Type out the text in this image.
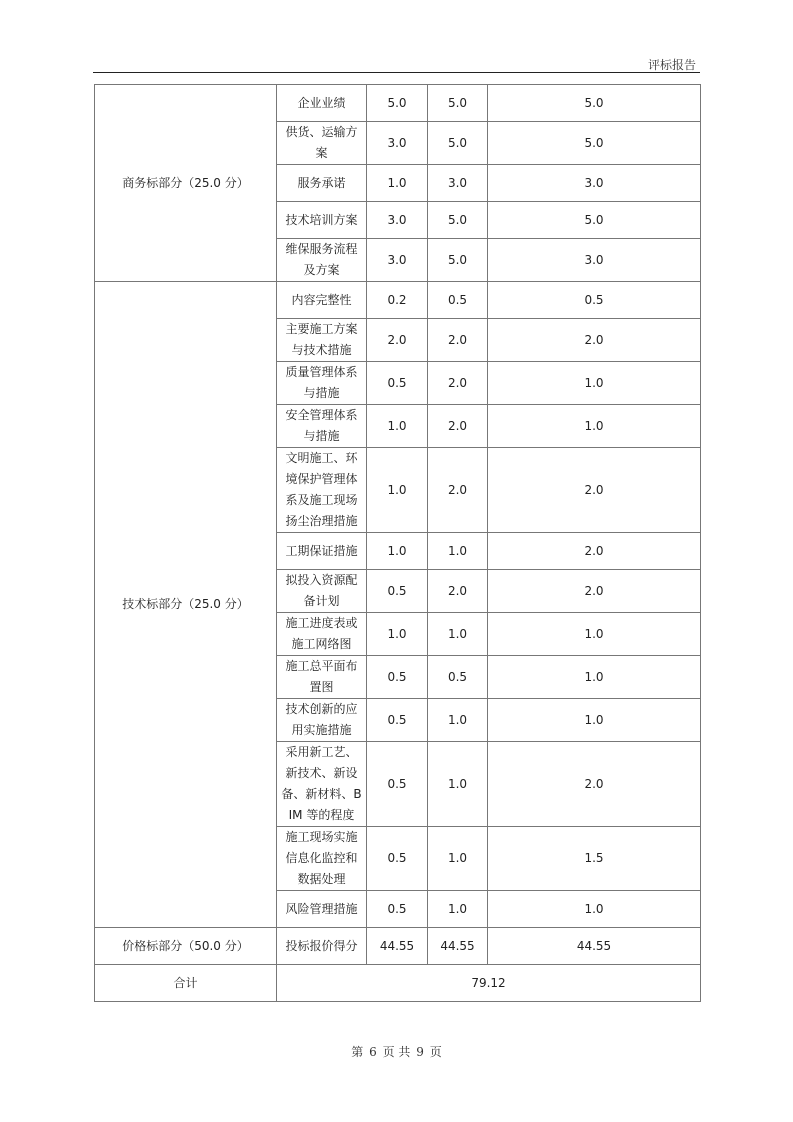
评标报告
商务标部分（25.0 分）	企业业绩	5.0	5.0	5.0
	供货、运输方案	3.0	5.0	5.0
	服务承诺	1.0	3.0	3.0
	技术培训方案	3.0	5.0	5.0
	维保服务流程及方案	3.0	5.0	3.0
技术标部分（25.0 分）	内容完整性	0.2	0.5	0.5
	主要施工方案与技术措施	2.0	2.0	2.0
	质量管理体系与措施	0.5	2.0	1.0
	安全管理体系与措施	1.0	2.0	1.0
	文明施工、环境保护管理体系及施工现场扬尘治理措施	1.0	2.0	2.0
	工期保证措施	1.0	1.0	2.0
	拟投入资源配备计划	0.5	2.0	2.0
	施工进度表或施工网络图	1.0	1.0	1.0
	施工总平面布置图	0.5	0.5	1.0
	技术创新的应用实施措施	0.5	1.0	1.0
	采用新工艺、新技术、新设备、新材料、BIM 等的程度	0.5	1.0	2.0
	施工现场实施信息化监控和数据处理	0.5	1.0	1.5
	风险管理措施	0.5	1.0	1.0
价格标部分（50.0 分）	投标报价得分	44.55	44.55	44.55
合计	79.12			
第 6 页 共 9 页
